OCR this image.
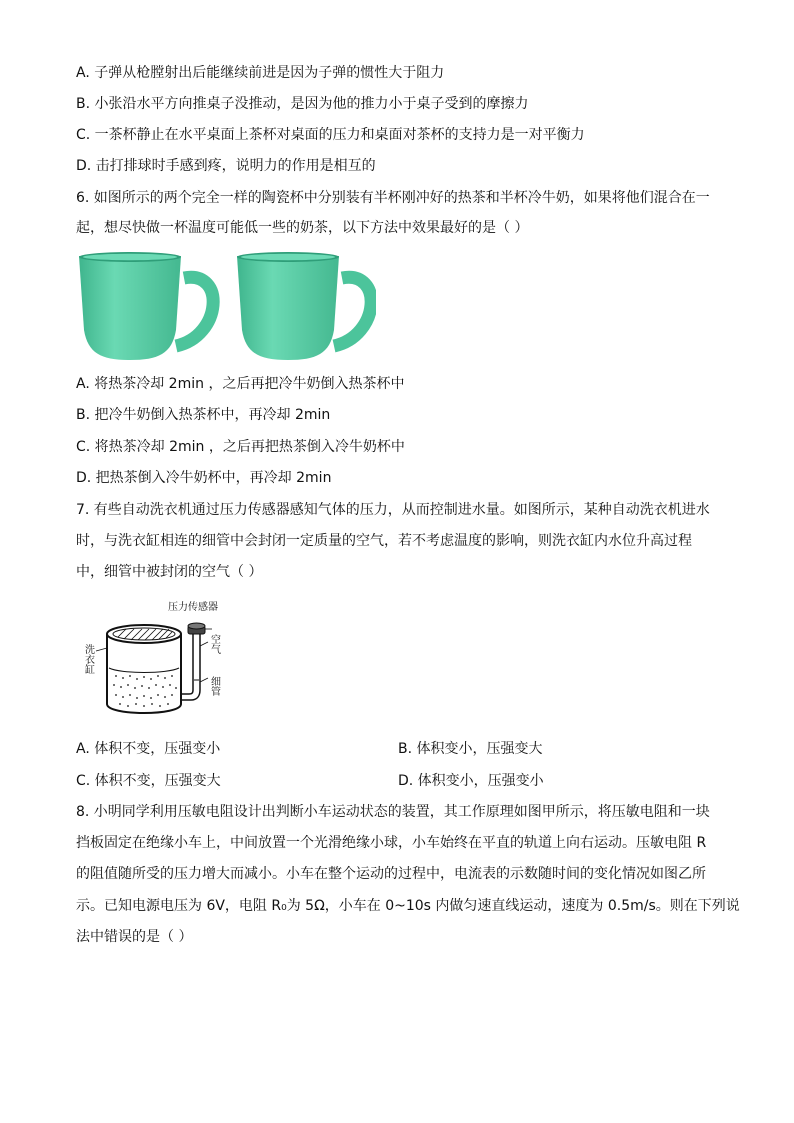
A. 子弹从枪膛射出后能继续前进是因为子弹的惯性大于阻力
B. 小张沿水平方向推桌子没推动，是因为他的推力小于桌子受到的摩擦力
C. 一茶杯静止在水平桌面上茶杯对桌面的压力和桌面对茶杯的支持力是一对平衡力
D. 击打排球时手感到疼，说明力的作用是相互的
6. 如图所示的两个完全一样的陶瓷杯中分别装有半杯刚冲好的热茶和半杯冷牛奶，如果将他们混合在一
起，想尽快做一杯温度可能低一些的奶茶，以下方法中效果最好的是（ ）
A. 将热茶冷却 2min ，之后再把冷牛奶倒入热茶杯中
B. 把冷牛奶倒入热茶杯中，再冷却 2min
C. 将热茶冷却 2min ，之后再把热茶倒入冷牛奶杯中
D. 把热茶倒入冷牛奶杯中，再冷却 2min
7. 有些自动洗衣机通过压力传感器感知气体的压力，从而控制进水量。如图所示，某种自动洗衣机进水
时，与洗衣缸相连的细管中会封闭一定质量的空气，若不考虑温度的影响，则洗衣缸内水位升高过程
中，细管中被封闭的空气（ ）
压力传感器
洗衣缸	空气
细管
A. 体积不变，压强变小	B. 体积变小，压强变大
C. 体积不变，压强变大	D. 体积变小，压强变小
8. 小明同学利用压敏电阻设计出判断小车运动状态的装置，其工作原理如图甲所示，将压敏电阻和一块
挡板固定在绝缘小车上，中间放置一个光滑绝缘小球，小车始终在平直的轨道上向右运动。压敏电阻 R
的阻值随所受的压力增大而减小。小车在整个运动的过程中，电流表的示数随时间的变化情况如图乙所
示。已知电源电压为 6V，电阻 R₀为 5Ω，小车在 0~10s 内做匀速直线运动，速度为 0.5m/s。则在下列说
法中错误的是（ ）
